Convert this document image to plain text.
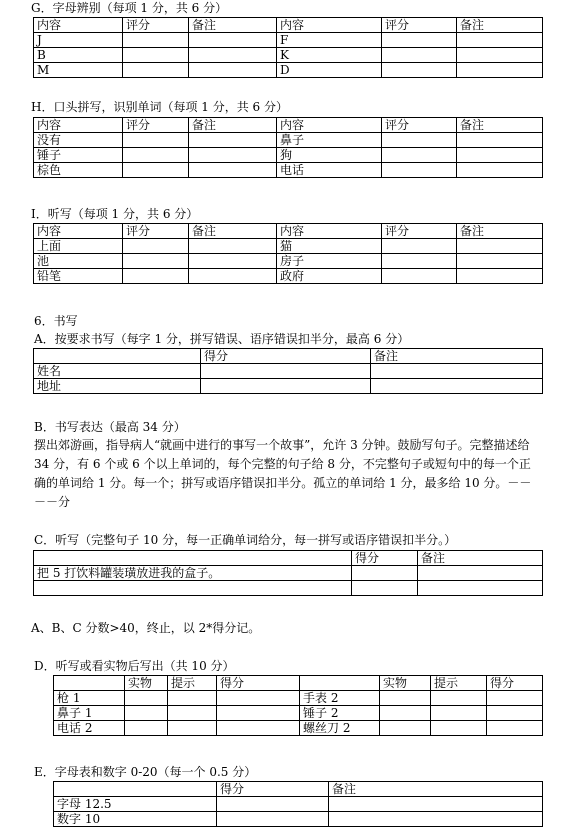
G．字母辨别（每项 1 分，共 6 分）
内容	评分	备注	内容	评分	备注
J			F		
B			K		
M			D		
H．口头拼写，识别单词（每项 1 分，共 6 分）
内容	评分	备注	内容	评分	备注
没有			鼻子		
锤子			狗		
棕色			电话		
I．听写（每项 1 分，共 6 分）
内容	评分	备注	内容	评分	备注
上面			猫		
池			房子		
铅笔			政府		
6．书写
A．按要求书写（每字 1 分，拼写错误、语序错误扣半分，最高 6 分）
	得分	备注
姓名		
地址		
B．书写表达（最高 34 分）
摆出郊游画，指导病人“就画中进行的事写一个故事”，允许 3 分钟。鼓励写句子。完整描述给 34 分，有 6 个或 6 个以上单词的，每个完整的句子给 8 分，不完整句子或短句中的每一个正确的单词给 1 分。每一个；拼写或语序错误扣半分。孤立的单词给 1 分，最多给 10 分。－－－－分
C．听写（完整句子 10 分，每一正确单词给分，每一拼写或语序错误扣半分。）
	得分	备注
把 5 打饮料罐装璜放进我的盒子。		

A、B、C 分数>40，终止，以 2*得分记。
D．听写或看实物后写出（共 10 分）
	实物	提示	得分		实物	提示	得分
枪 1				手表 2			
鼻子 1				锤子 2			
电话 2				螺丝刀 2			
E．字母表和数字 0-20（每一个 0.5 分）
	得分	备注
字母 12.5		
数字 10		
